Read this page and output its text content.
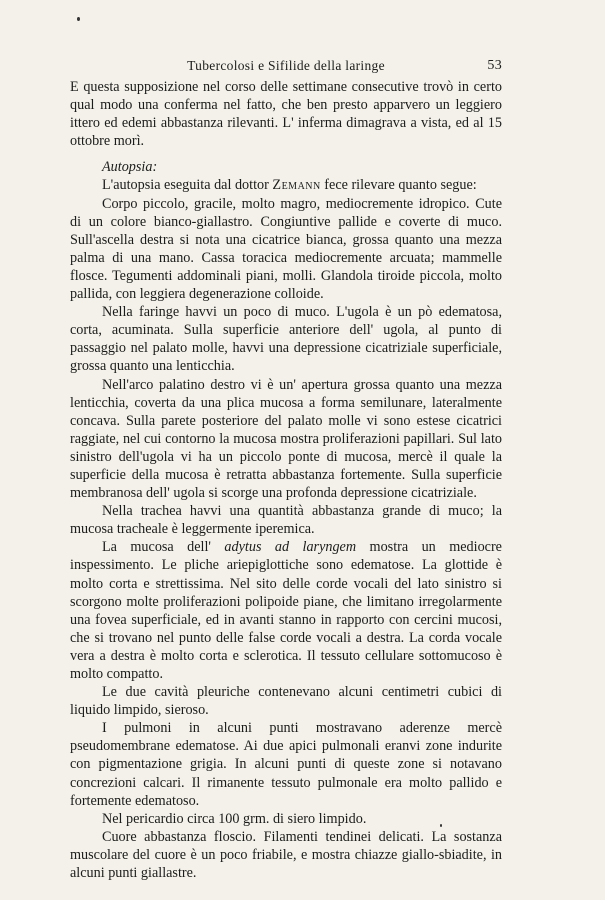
Tubercolosi e Sifilide della laringe	53

E questa supposizione nel corso delle settimane consecutive trovò in certo qual modo una conferma nel fatto, che ben presto apparvero un leggiero ittero ed edemi abbastanza rilevanti. L' inferma dimagrava a vista, ed al 15 ottobre morì.

Autopsia:

L'autopsia eseguita dal dottor Zemann fece rilevare quanto segue:

Corpo piccolo, gracile, molto magro, mediocremente idropico. Cute di un colore bianco-giallastro. Congiuntive pallide e coverte di muco. Sull'ascella destra si nota una cicatrice bianca, grossa quanto una mezza palma di una mano. Cassa toracica mediocremente arcuata; mammelle flosce. Tegumenti addominali piani, molli. Glandola tiroide piccola, molto pallida, con leggiera degenerazione colloide.

Nella faringe havvi un poco di muco. L'ugola è un pò edematosa, corta, acuminata. Sulla superficie anteriore dell' ugola, al punto di passaggio nel palato molle, havvi una depressione cicatriziale superficiale, grossa quanto una lenticchia.

Nell'arco palatino destro vi è un' apertura grossa quanto una mezza lenticchia, coverta da una plica mucosa a forma semilunare, lateralmente concava. Sulla parete posteriore del palato molle vi sono estese cicatrici raggiate, nel cui contorno la mucosa mostra proliferazioni papillari. Sul lato sinistro dell'ugola vi ha un piccolo ponte di mucosa, mercè il quale la superficie della mucosa è retratta abbastanza fortemente. Sulla superficie membranosa dell' ugola si scorge una profonda depressione cicatriziale.

Nella trachea havvi una quantità abbastanza grande di muco; la mucosa tracheale è leggermente iperemica.

La mucosa dell' adytus ad laryngem mostra un mediocre inspessimento. Le pliche ariepiglottiche sono edematose. La glottide è molto corta e strettissima. Nel sito delle corde vocali del lato sinistro si scorgono molte proliferazioni polipoide piane, che limitano irregolarmente una fovea superficiale, ed in avanti stanno in rapporto con cercini mucosi, che si trovano nel punto delle false corde vocali a destra. La corda vocale vera a destra è molto corta e sclerotica. Il tessuto cellulare sottomucoso è molto compatto.

Le due cavità pleuriche contenevano alcuni centimetri cubici di liquido limpido, sieroso.

I pulmoni in alcuni punti mostravano aderenze mercè pseudomembrane edematose. Ai due apici pulmonali eranvi zone indurite con pigmentazione grigia. In alcuni punti di queste zone si notavano concrezioni calcari. Il rimanente tessuto pulmonale era molto pallido e fortemente edematoso.

Nel pericardio circa 100 grm. di siero limpido.

Cuore abbastanza floscio. Filamenti tendinei delicati. La sostanza muscolare del cuore è un poco friabile, e mostra chiazze giallo-sbiadite, in alcuni punti giallastre.
